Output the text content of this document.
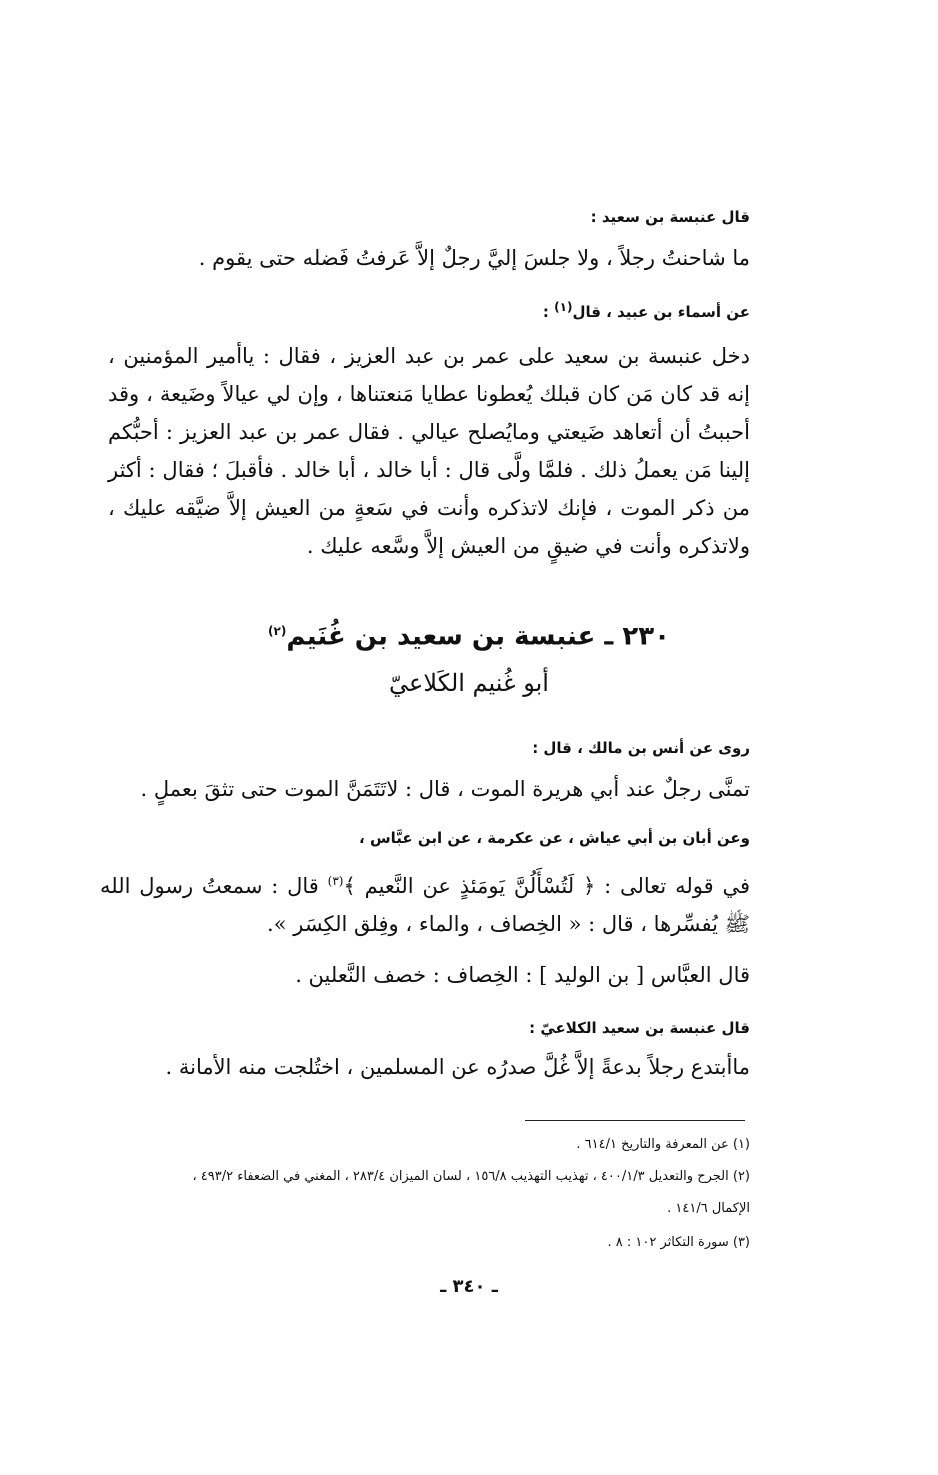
قال عنبسة بن سعيد :
ما شاحنتُ رجلاً ، ولا جلسَ إليَّ رجلٌ إلاَّ عَرفتُ فَضله حتى يقوم .
عن أسماء بن عبيد ، قال$^{(١)}$ :
دخل عنبسة بن سعيد على عمر بن عبد العزيز ، فقال : ياأمير المؤمنين ، إنه قد كان مَن كان قبلك يُعطونا عطايا مَنعتناها ، وإن لي عيالاً وضَيعة ، وقد أحببتُ أن أتعاهد ضَيعتي ومايُصلح عيالي . فقال عمر بن عبد العزيز : أحبُّكم إلينا مَن يعملُ ذلك . فلمَّا ولَّى قال : أبا خالد ، أبا خالد . فأقبلَ ؛ فقال : أكثر من ذكر الموت ، فإنك لاتذكره وأنت في سَعةٍ من العيش إلاَّ ضيَّقه عليك ، ولاتذكره وأنت في ضيقٍ من العيش إلاَّ وسَّعه عليك .
٢٣٠ ـ عنبسة بن سعيد بن غُنَيم$^{(٢)}$
أبو غُنيم الكَلاعيّ
روى عن أنس بن مالك ، قال :
تمنَّى رجلٌ عند أبي هريرة الموت ، قال : لاتَتَمَنَّ الموت حتى تثقَ بعملٍ .
وعن أبان بن أبي عياش ، عن عكرمة ، عن ابن عبَّاس ،
في قوله تعالى : ﴿ لَتُسْأَلُنَّ يَومَئذٍ عن النَّعيم ﴾$^{(٣)}$ قال : سمعتُ رسول الله ﷺ يُفسِّرها ، قال : « الخِصاف ، والماء ، وفِلق الكِسَر ».
قال العبَّاس [ بن الوليد ] : الخِصاف : خصف النَّعلين .
قال عنبسة بن سعيد الكلاعيّ :
ماأبتدع رجلاً بدعةً إلاَّ غُلَّ صدرُه عن المسلمين ، اختُلجت منه الأمانة .
(١) عن المعرفة والتاريخ ٦١٤/١ .
(٢) الجرح والتعديل ٤٠٠/١/٣ ، تهذيب التهذيب ١٥٦/٨ ، لسان الميزان ٢٨٣/٤ ، المغني في الضعفاء ٤٩٣/٢ ،
الإكمال ١٤١/٦ .
(٣) سورة التكاثر ١٠٢ : ٨ .
ـ ٣٤٠ ـ
